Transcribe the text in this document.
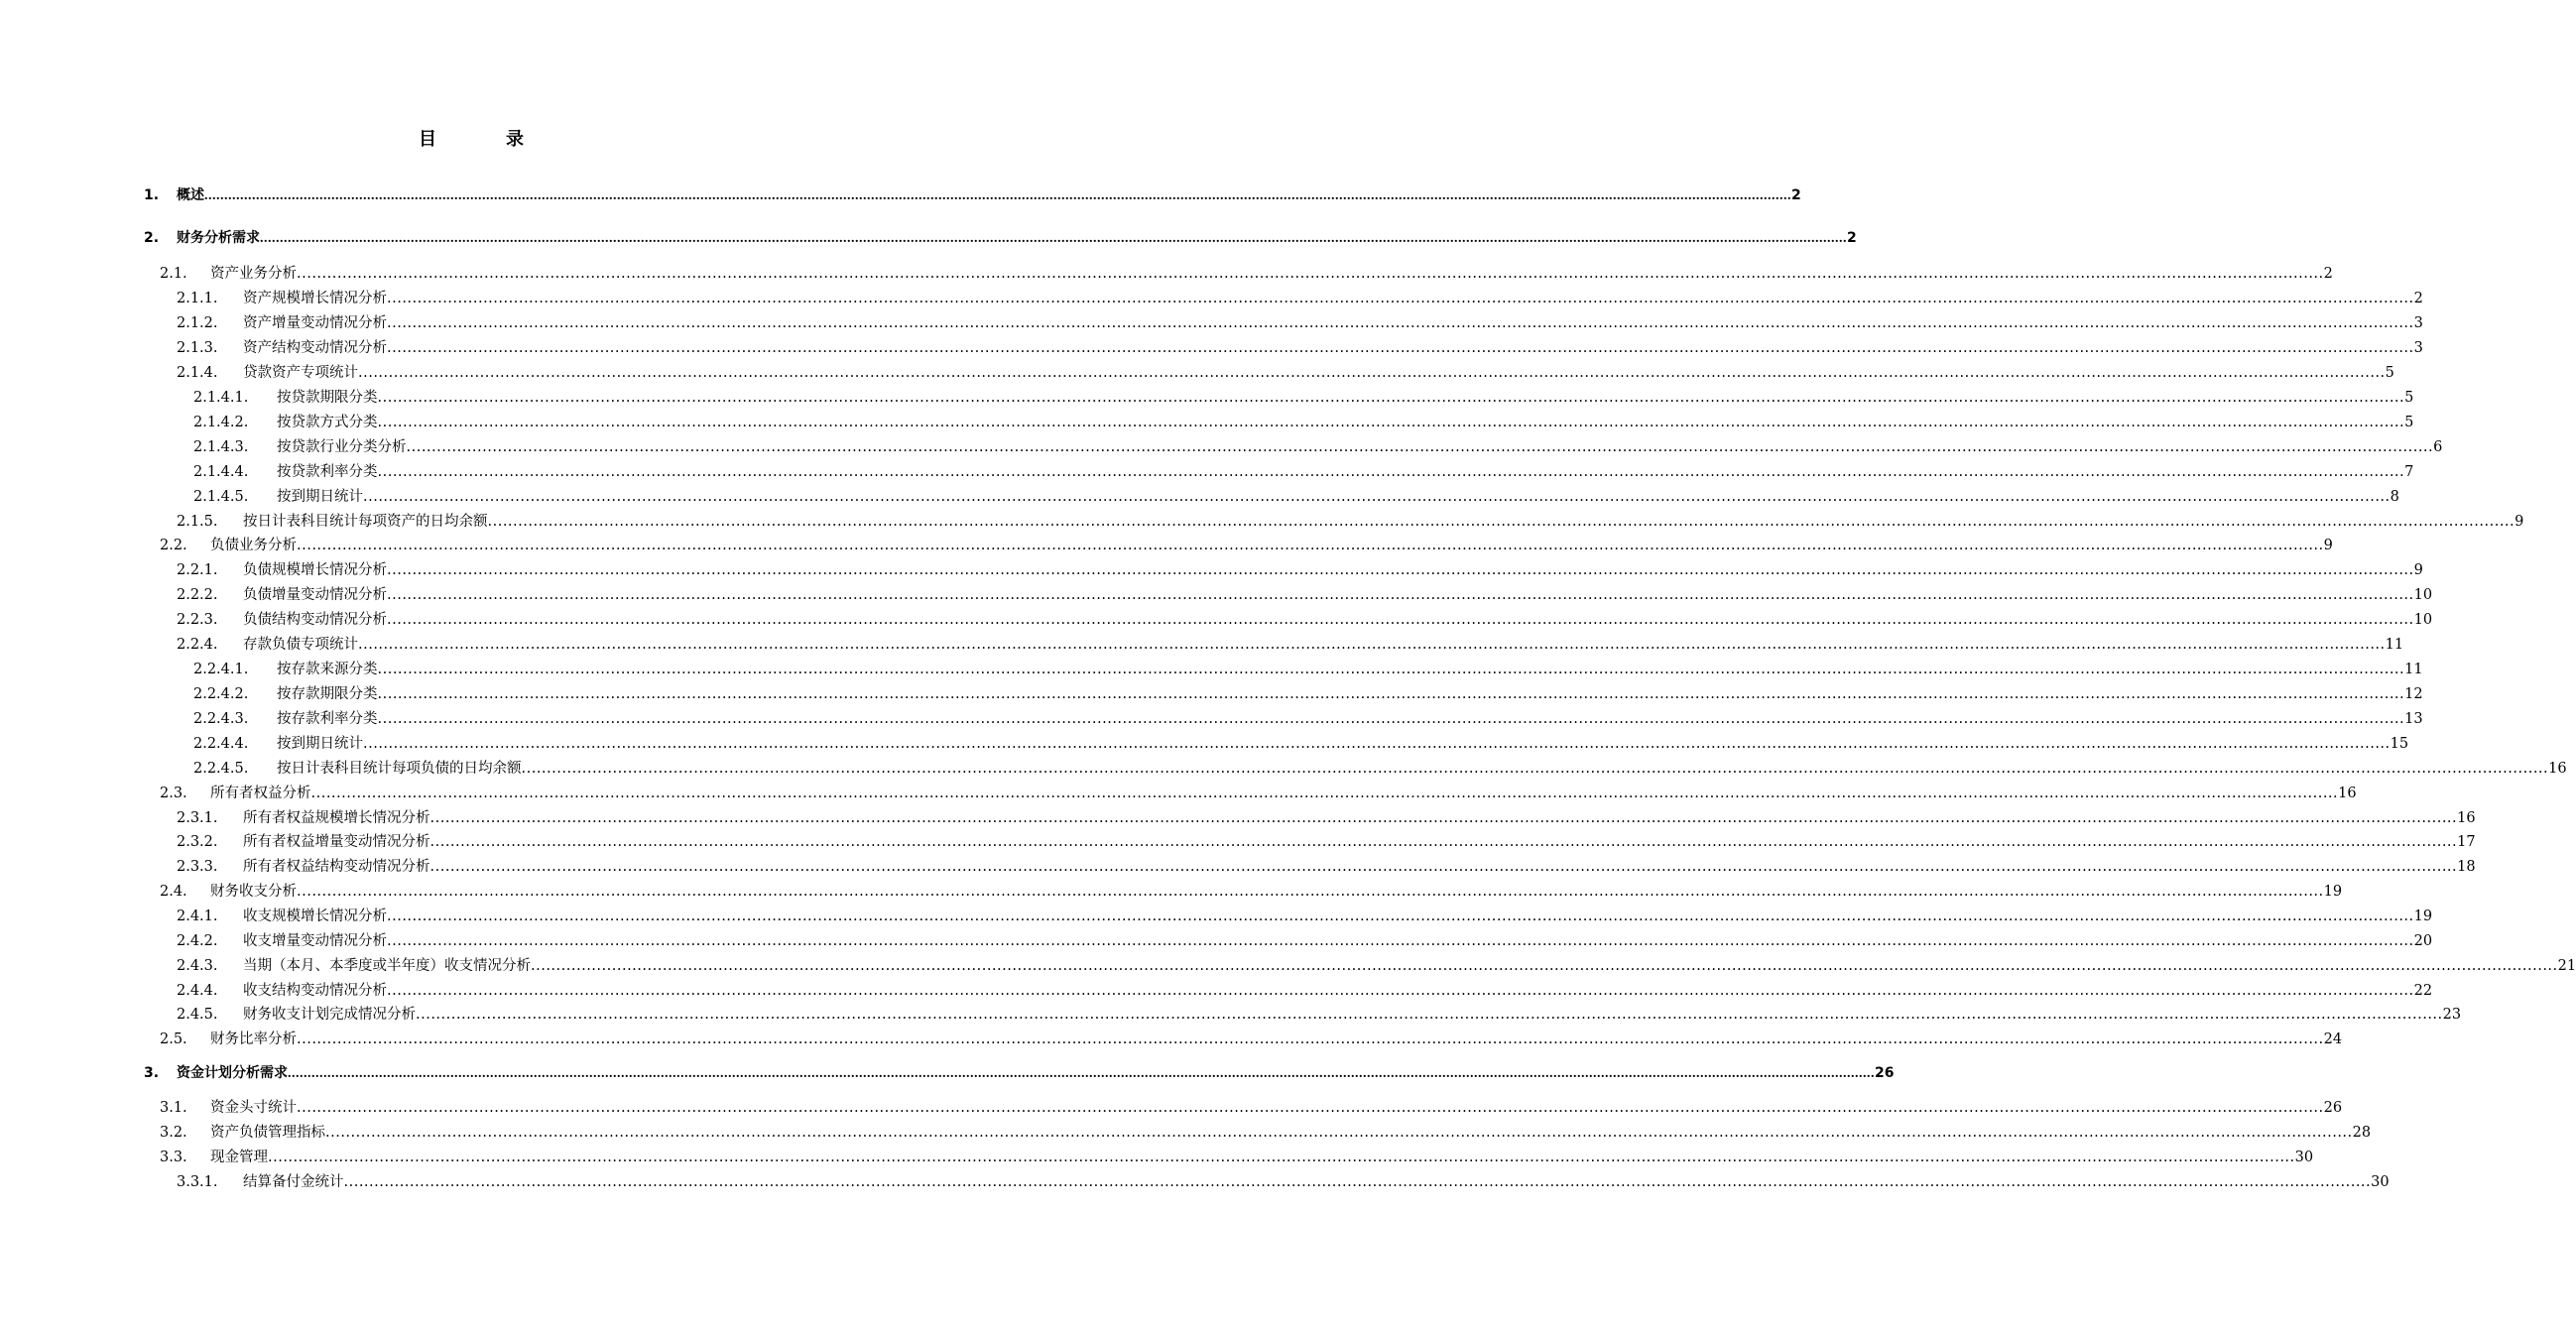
目　录
1. 概述 ................................................................................................................................................................................................................................................................................................................................................................................................................ 2
2. 财务分析需求 ................................................................................................................................................................................................................................................................................................................................................................................................................ 2
2.1. 资产业务分析 ................................................................................................................................................................................................................................................................................................................................................................................................................ 2
2.1.1. 资产规模增长情况分析 ................................................................................................................................................................................................................................................................................................................................................................................................................ 2
2.1.2. 资产增量变动情况分析 ................................................................................................................................................................................................................................................................................................................................................................................................................ 3
2.1.3. 资产结构变动情况分析 ................................................................................................................................................................................................................................................................................................................................................................................................................ 3
2.1.4. 贷款资产专项统计 ................................................................................................................................................................................................................................................................................................................................................................................................................ 5
2.1.4.1. 按贷款期限分类 ................................................................................................................................................................................................................................................................................................................................................................................................................ 5
2.1.4.2. 按贷款方式分类 ................................................................................................................................................................................................................................................................................................................................................................................................................ 5
2.1.4.3. 按贷款行业分类分析 ................................................................................................................................................................................................................................................................................................................................................................................................................ 6
2.1.4.4. 按贷款利率分类 ................................................................................................................................................................................................................................................................................................................................................................................................................ 7
2.1.4.5. 按到期日统计 ................................................................................................................................................................................................................................................................................................................................................................................................................ 8
2.1.5. 按日计表科目统计每项资产的日均余额 ................................................................................................................................................................................................................................................................................................................................................................................................................ 9
2.2. 负债业务分析 ................................................................................................................................................................................................................................................................................................................................................................................................................ 9
2.2.1. 负债规模增长情况分析 ................................................................................................................................................................................................................................................................................................................................................................................................................ 9
2.2.2. 负债增量变动情况分析 ................................................................................................................................................................................................................................................................................................................................................................................................................ 10
2.2.3. 负债结构变动情况分析 ................................................................................................................................................................................................................................................................................................................................................................................................................ 10
2.2.4. 存款负债专项统计 ................................................................................................................................................................................................................................................................................................................................................................................................................ 11
2.2.4.1. 按存款来源分类 ................................................................................................................................................................................................................................................................................................................................................................................................................ 11
2.2.4.2. 按存款期限分类 ................................................................................................................................................................................................................................................................................................................................................................................................................ 12
2.2.4.3. 按存款利率分类 ................................................................................................................................................................................................................................................................................................................................................................................................................ 13
2.2.4.4. 按到期日统计 ................................................................................................................................................................................................................................................................................................................................................................................................................ 15
2.2.4.5. 按日计表科目统计每项负债的日均余额 ................................................................................................................................................................................................................................................................................................................................................................................................................ 16
2.3. 所有者权益分析 ................................................................................................................................................................................................................................................................................................................................................................................................................ 16
2.3.1. 所有者权益规模增长情况分析 ................................................................................................................................................................................................................................................................................................................................................................................................................ 16
2.3.2. 所有者权益增量变动情况分析 ................................................................................................................................................................................................................................................................................................................................................................................................................ 17
2.3.3. 所有者权益结构变动情况分析 ................................................................................................................................................................................................................................................................................................................................................................................................................ 18
2.4. 财务收支分析 ................................................................................................................................................................................................................................................................................................................................................................................................................ 19
2.4.1. 收支规模增长情况分析 ................................................................................................................................................................................................................................................................................................................................................................................................................ 19
2.4.2. 收支增量变动情况分析 ................................................................................................................................................................................................................................................................................................................................................................................................................ 20
2.4.3. 当期（本月、本季度或半年度）收支情况分析 ................................................................................................................................................................................................................................................................................................................................................................................................................ 21
2.4.4. 收支结构变动情况分析 ................................................................................................................................................................................................................................................................................................................................................................................................................ 22
2.4.5. 财务收支计划完成情况分析 ................................................................................................................................................................................................................................................................................................................................................................................................................ 23
2.5. 财务比率分析 ................................................................................................................................................................................................................................................................................................................................................................................................................ 24
3. 资金计划分析需求 ................................................................................................................................................................................................................................................................................................................................................................................................................ 26
3.1. 资金头寸统计 ................................................................................................................................................................................................................................................................................................................................................................................................................ 26
3.2. 资产负债管理指标 ................................................................................................................................................................................................................................................................................................................................................................................................................ 28
3.3. 现金管理 ................................................................................................................................................................................................................................................................................................................................................................................................................ 30
3.3.1. 结算备付金统计 ................................................................................................................................................................................................................................................................................................................................................................................................................ 30
